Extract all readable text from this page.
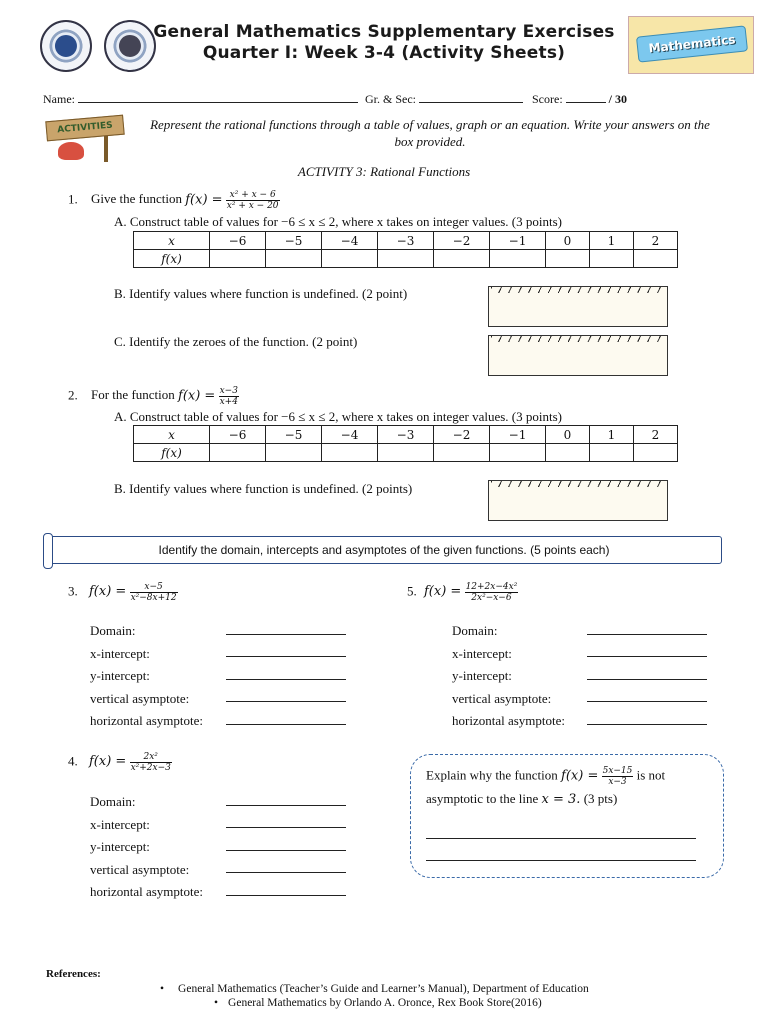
General Mathematics Supplementary Exercises
Quarter I: Week 3-4 (Activity Sheets)	Mathematics
Name:	Gr. & Sec:	Score:	/ 30
ACTIVITIES	Represent the rational functions through a table of values, graph or an equation. Write your answers on the box provided.
ACTIVITY 3: Rational Functions
1. Give the function $f(x) = \frac{\text{x² + x − 6}}{\text{x² + x − 20}}$
A. Construct table of values for −6 ≤ x ≤ 2, where x takes on integer values. (3 points)
x	−6	−5	−4	−3	−2	−1	0	1	2
f(x)									
B. Identify values where function is undefined. (2 point)
C. Identify the zeroes of the function. (2 point)
2. For the function $f(x) = \frac{x-3}{x+4}$
A. Construct table of values for −6 ≤ x ≤ 2, where x takes on integer values. (3 points)
x	−6	−5	−4	−3	−2	−1	0	1	2
f(x)									
B. Identify values where function is undefined. (2 points)
Identify the domain, intercepts and asymptotes of the given functions. (5 points each)
3. $f(x) = \frac{x-5}{\text{x²−8x+12}}$
Domain:
x-intercept:
y-intercept:
vertical asymptote:
horizontal asymptote:
5. $f(x) = \frac{\text{12+2x−4x²}}{\text{2x²−x−6}}$
Domain:
x-intercept:
y-intercept:
vertical asymptote:
horizontal asymptote:
4. $f(x) = \frac{\text{2x²}}{\text{x²+2x−3}}$
Domain:
x-intercept:
y-intercept:
vertical asymptote:
horizontal asymptote:
Explain why the function $f(x) = \frac{5x-15}{x-3}$ is not
asymptotic to the line x = 3. (3 pts)
References:
• General Mathematics (Teacher’s Guide and Learner’s Manual), Department of Education
• General Mathematics by Orlando A. Oronce, Rex Book Store(2016)
